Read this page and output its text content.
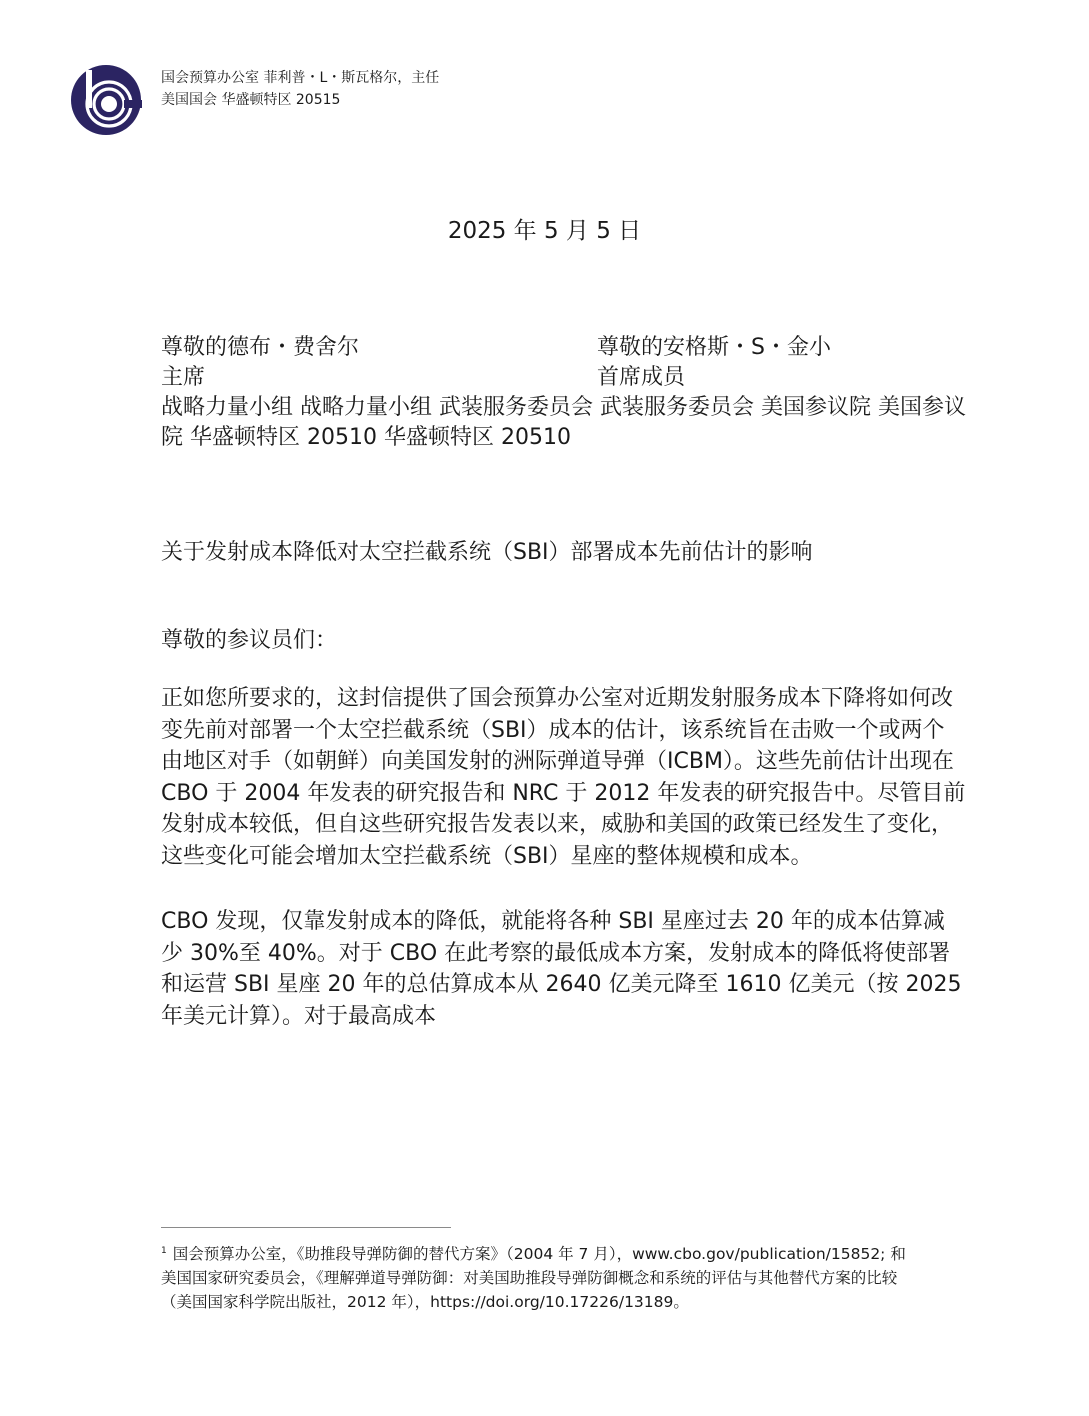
国会预算办公室 菲利普・L・斯瓦格尔，主任
美国国会 华盛顿特区 20515
2025 年 5 月 5 日
尊敬的德布・费舍尔
主席
尊敬的安格斯・S・金小
首席成员
战略力量小组 战略力量小组 武装服务委员会 武装服务委员会 美国参议院 美国参议院 华盛顿特区 20510 华盛顿特区 20510
关于发射成本降低对太空拦截系统（SBI）部署成本先前估计的影响
尊敬的参议员们：

正如您所要求的，这封信提供了国会预算办公室对近期发射服务成本下降将如何改变先前对部署一个太空拦截系统（SBI）成本的估计，该系统旨在击败一个或两个由地区对手（如朝鲜）向美国发射的洲际弹道导弹（ICBM）。这些先前估计出现在 CBO 于 2004 年发表的研究报告和 NRC 于 2012 年发表的研究报告中。尽管目前发射成本较低，但自这些研究报告发表以来，威胁和美国的政策已经发生了变化，这些变化可能会增加太空拦截系统（SBI）星座的整体规模和成本。

CBO 发现，仅靠发射成本的降低，就能将各种 SBI 星座过去 20 年的成本估算减少 30%至 40%。对于 CBO 在此考察的最低成本方案，发射成本的降低将使部署和运营 SBI 星座 20 年的总估算成本从 2640 亿美元降至 1610 亿美元（按 2025 年美元计算）。对于最高成本

$^1$ 国会预算办公室，《助推段导弹防御的替代方案》（2004 年 7 月），www.cbo.gov/publication/15852; 和美国国家研究委员会，《理解弹道导弹防御：对美国助推段导弹防御概念和系统的评估与其他替代方案的比较（美国国家科学院出版社，2012 年），https://doi.org/10.17226/13189。
